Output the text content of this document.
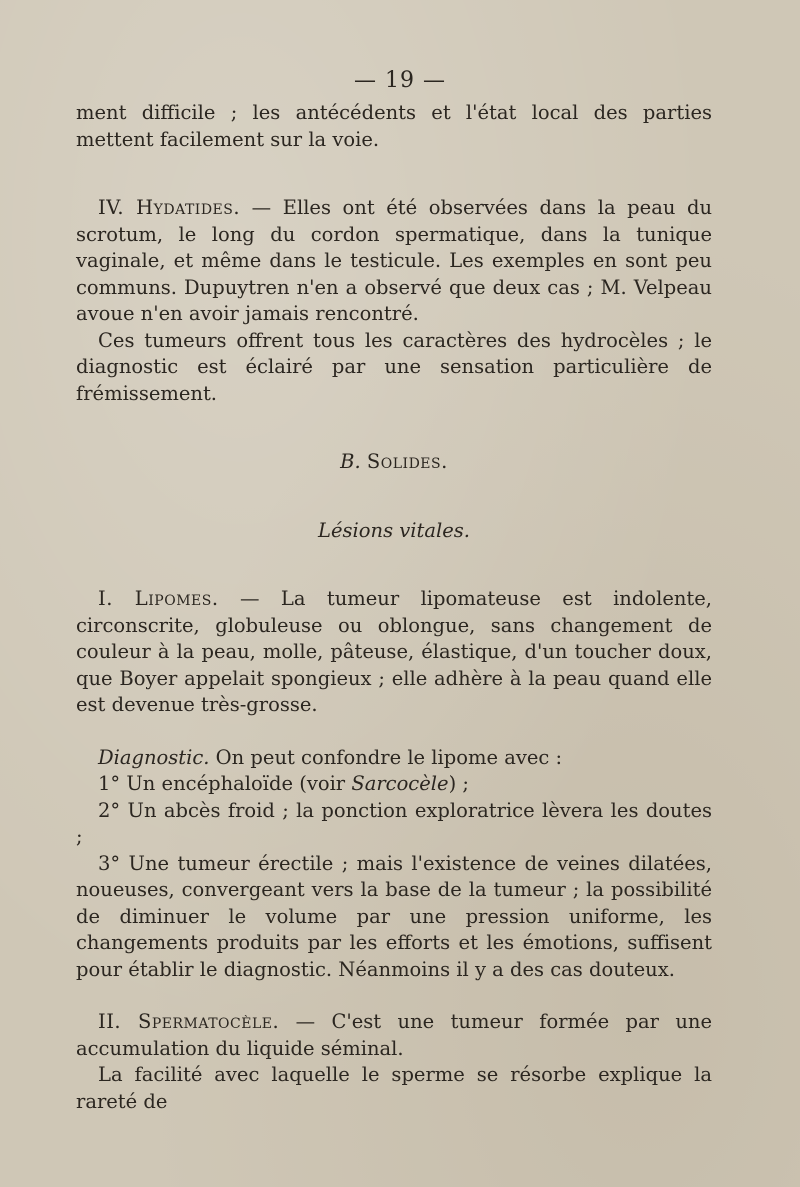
— 19 —

ment difficile ; les antécédents et l'état local des parties mettent facilement sur la voie.

IV. Hydatides. — Elles ont été observées dans la peau du scrotum, le long du cordon spermatique, dans la tunique vaginale, et même dans le testicule. Les exemples en sont peu communs. Dupuytren n'en a observé que deux cas ; M. Velpeau avoue n'en avoir jamais rencontré.

Ces tumeurs offrent tous les caractères des hydrocèles ; le diagnostic est éclairé par une sensation particulière de frémissement.

B. Solides.

Lésions vitales.

I. Lipomes. — La tumeur lipomateuse est indolente, circonscrite, globuleuse ou oblongue, sans changement de couleur à la peau, molle, pâteuse, élastique, d'un toucher doux, que Boyer appelait spongieux ; elle adhère à la peau quand elle est devenue très-grosse.

Diagnostic. On peut confondre le lipome avec :

1° Un encéphaloïde (voir Sarcocèle) ;

2° Un abcès froid ; la ponction exploratrice lèvera les doutes ;

3° Une tumeur érectile ; mais l'existence de veines dilatées, noueuses, convergeant vers la base de la tumeur ; la possibilité de diminuer le volume par une pression uniforme, les changements produits par les efforts et les émotions, suffisent pour établir le diagnostic. Néanmoins il y a des cas douteux.

II. Spermatocèle. — C'est une tumeur formée par une accumulation du liquide séminal.

La facilité avec laquelle le sperme se résorbe explique la rareté de
